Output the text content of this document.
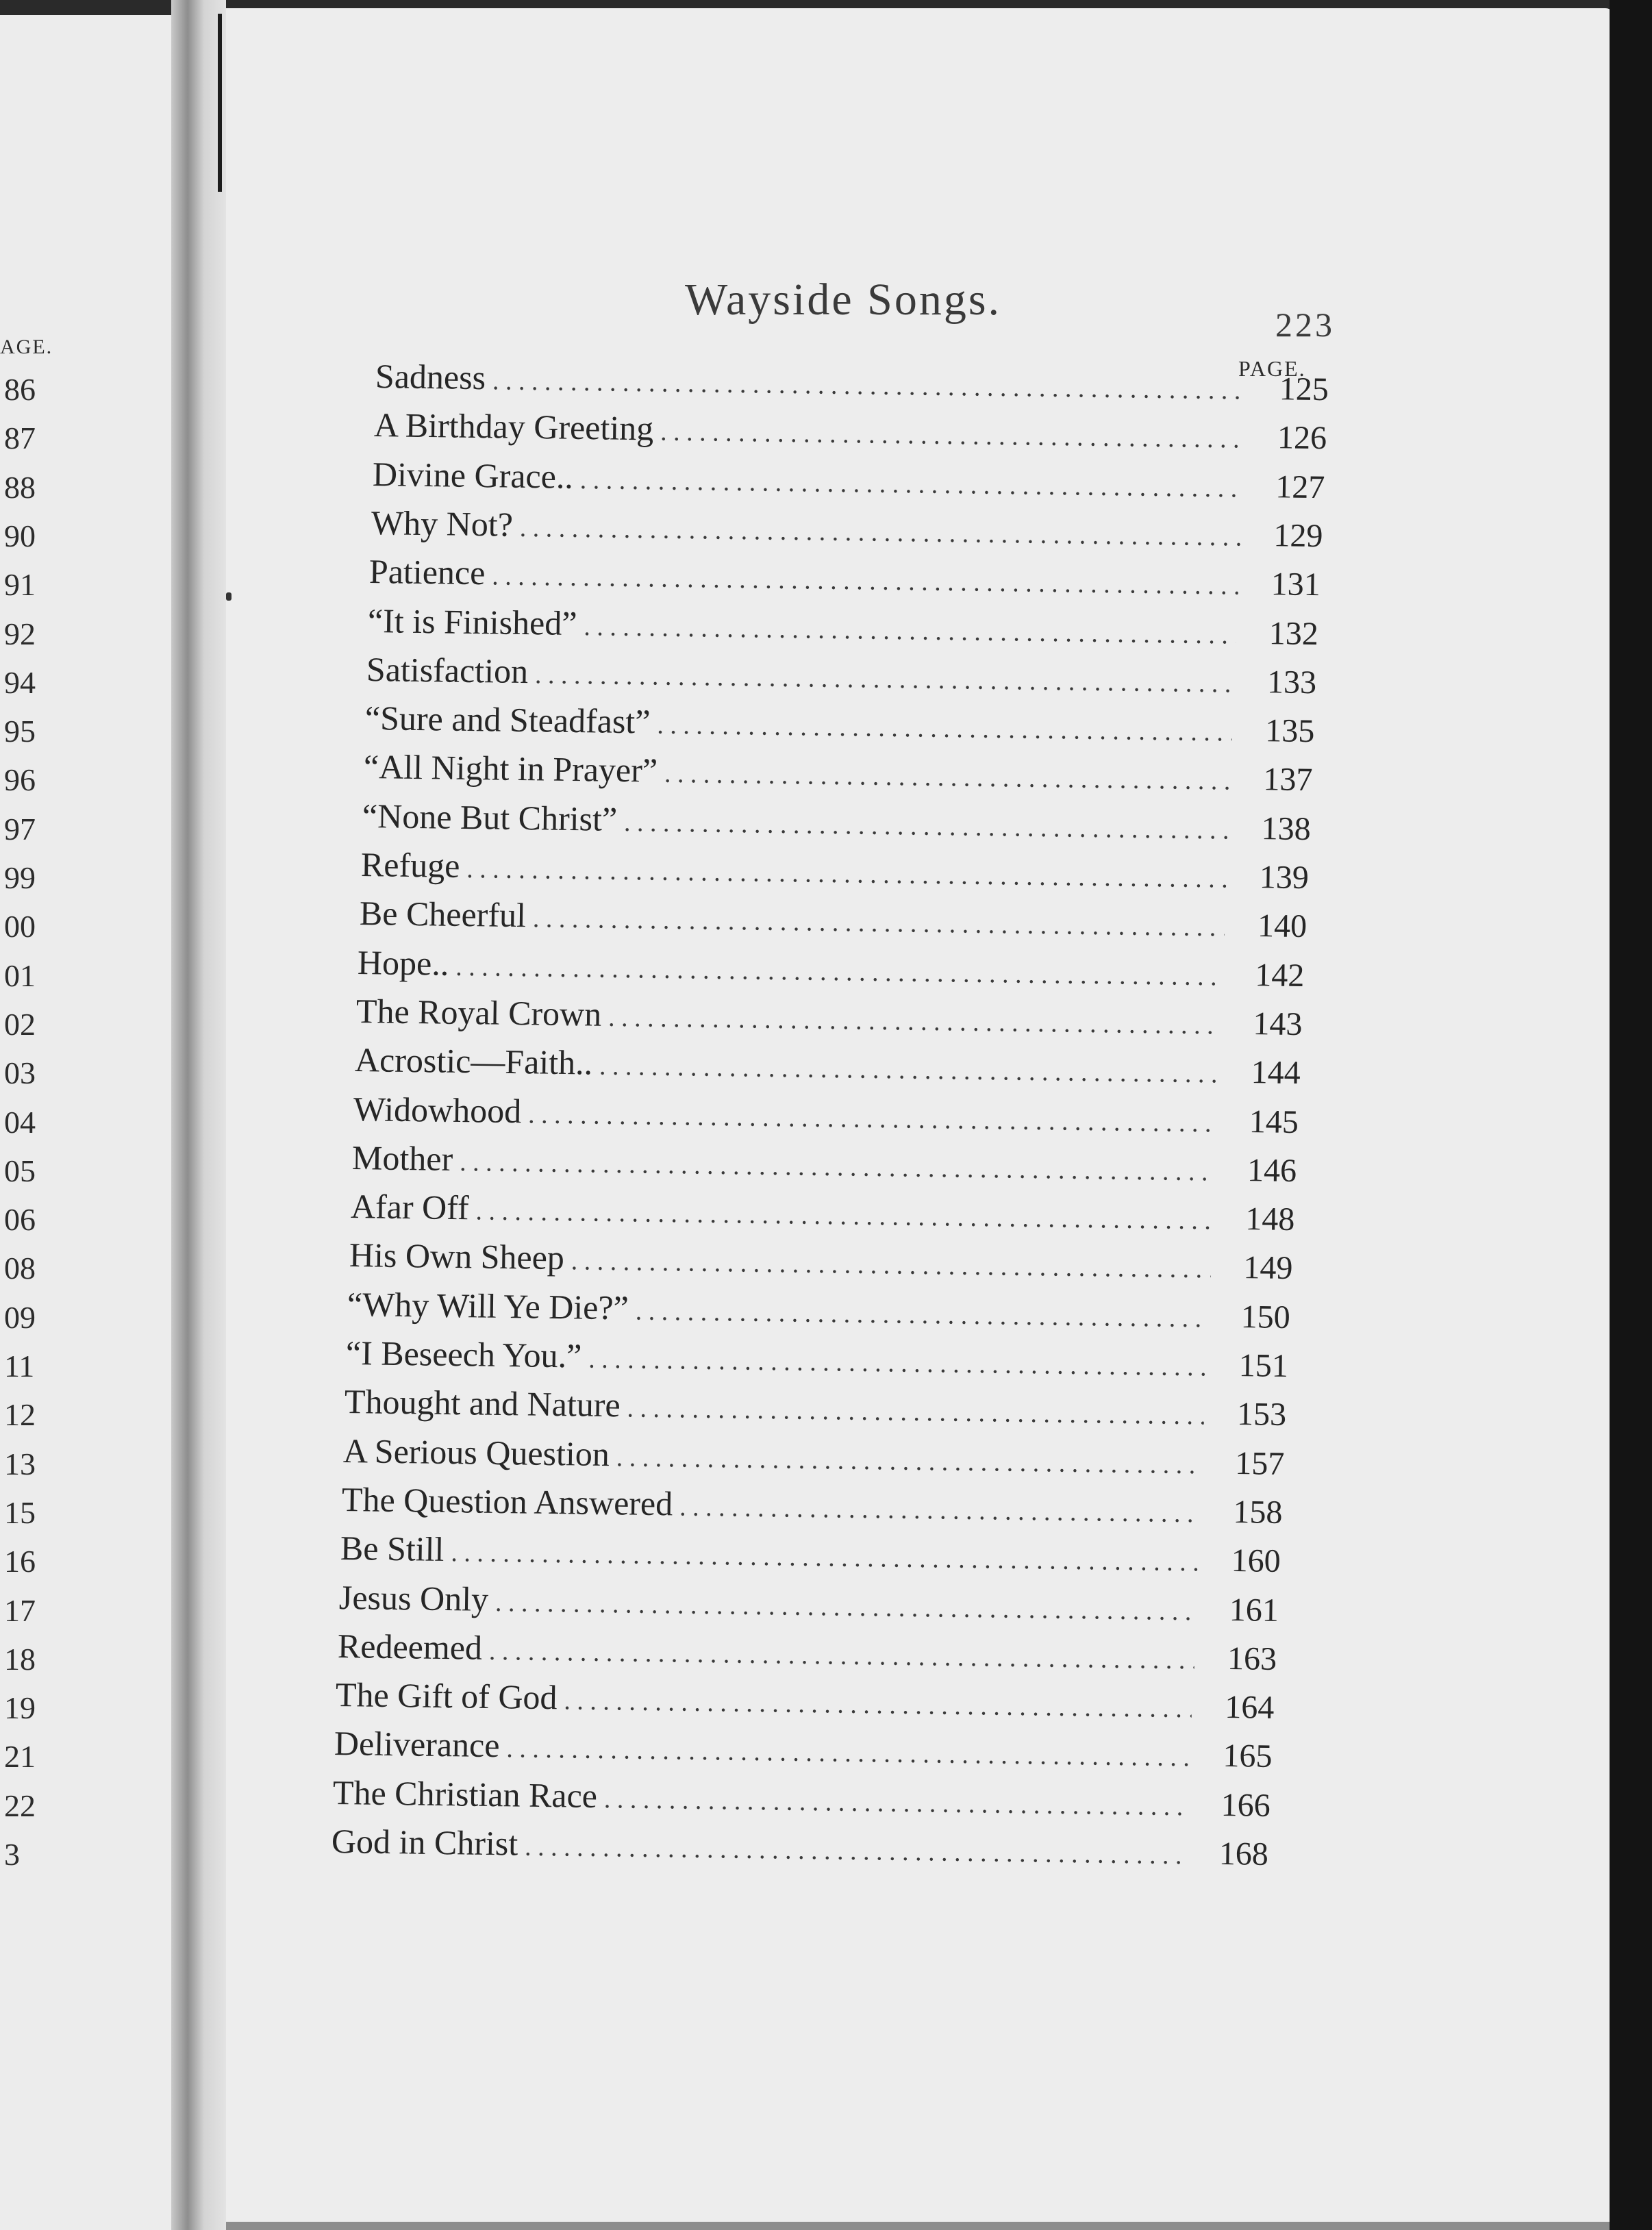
AGE.
86
87
88
90
91
92
94
95
96
97
99
00
01
02
03
04
05
06
08
09
11
12
13
15
16
17
18
19
21
22
3
Wayside Songs.	223
PAGE.
Sadness . . .	125
A Birthday Greeting . . .	126
Divine Grace.. . . .	127
Why Not? . . .	129
Patience . . .	131
“It is Finished” . . .	132
Satisfaction . . .	133
“Sure and Steadfast” . . .	135
“All Night in Prayer” . . .	137
“None But Christ” . . .	138
Refuge . . .	139
Be Cheerful . . .	140
Hope.. . . .	142
The Royal Crown . . .	143
Acrostic—Faith.. . . .	144
Widowhood . . .	145
Mother . . .	146
Afar Off . . .	148
His Own Sheep . . .	149
“Why Will Ye Die?” . . .	150
“I Beseech You.” . . .	151
Thought and Nature . . .	153
A Serious Question . . .	157
The Question Answered . . .	158
Be Still . . .	160
Jesus Only . . .	161
Redeemed . . .	163
The Gift of God . . .	164
Deliverance . . .	165
The Christian Race . . .	166
God in Christ . . .	168
